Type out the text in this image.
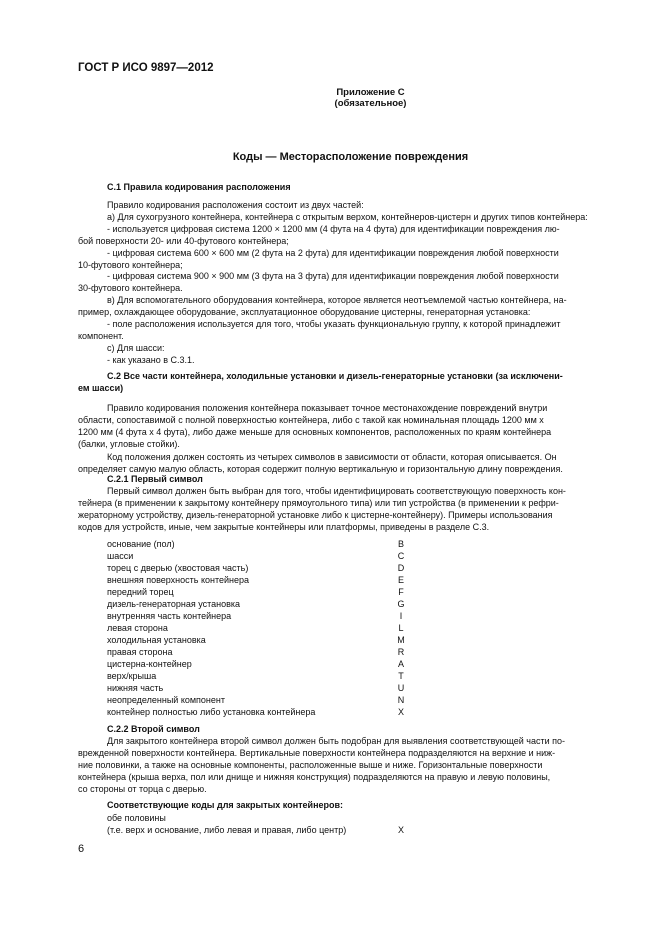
ГОСТ Р ИСО 9897—2012
Приложение С
(обязательное)
Коды — Месторасположение повреждения
С.1 Правила кодирования расположения
Правило кодирования расположения состоит из двух частей:
а) Для сухогрузного контейнера, контейнера с открытым верхом, контейнеров-цистерн и других типов контейнера:
- используется цифровая система 1200 × 1200 мм (4 фута на 4 фута) для идентификации повреждения лю-
бой поверхности 20- или 40-футового контейнера;
- цифровая система 600 × 600 мм (2 фута на 2 фута) для идентификации повреждения любой поверхности
10-футового контейнера;
- цифровая система 900 × 900 мм (3 фута на 3 фута) для идентификации повреждения любой поверхности
30-футового контейнера.
в) Для вспомогательного оборудования контейнера, которое является неотъемлемой частью контейнера, на-
пример, охлаждающее оборудование, эксплуатационное оборудование цистерны, генераторная установка:
- поле расположения используется для того, чтобы указать функциональную группу, к которой принадлежит
компонент.
с) Для шасси:
- как указано в С.3.1.
С.2 Все части контейнера, холодильные установки и дизель-генераторные установки (за исключени-
ем шасси)
Правило кодирования положения контейнера показывает точное местонахождение повреждений внутри
области, сопоставимой с полной поверхностью контейнера, либо с такой как номинальная площадь 1200 мм х
1200 мм (4 фута х 4 фута), либо даже меньше для основных компонентов, расположенных по краям контейнера
(балки, угловые стойки).
Код положения должен состоять из четырех символов в зависимости от области, которая описывается. Он
определяет самую малую область, которая содержит полную вертикальную и горизонтальную длину повреждения.
С.2.1 Первый символ
Первый символ должен быть выбран для того, чтобы идентифицировать соответствующую поверхность кон-
тейнера (в применении к закрытому контейнеру прямоугольного типа) или тип устройства (в применении к рефри-
жераторному устройству, дизель-генераторной установке либо к цистерне-контейнеру). Примеры использования
кодов для устройств, иные, чем закрытые контейнеры или платформы, приведены в разделе С.3.
основание (пол)	B
шасси	C
торец с дверью (хвостовая часть)	D
внешняя поверхность контейнера	E
передний торец	F
дизель-генераторная установка	G
внутренняя часть контейнера	I
левая сторона	L
холодильная установка	M
правая сторона	R
цистерна-контейнер	A
верх/крыша	T
нижняя часть	U
неопределенный компонент	N
контейнер полностью либо установка контейнера	X
С.2.2 Второй символ
Для закрытого контейнера второй символ должен быть подобран для выявления соответствующей части по-
врежденной поверхности контейнера. Вертикальные поверхности контейнера подразделяются на верхние и ниж-
ние половинки, а также на основные компоненты, расположенные выше и ниже. Горизонтальные поверхности
контейнера (крыша верха, пол или днище и нижняя конструкция) подразделяются на правую и левую половины,
со стороны от торца с дверью.
Соответствующие коды для закрытых контейнеров:
обе половины
(т.е. верх и основание, либо левая и правая, либо центр)	X
6
